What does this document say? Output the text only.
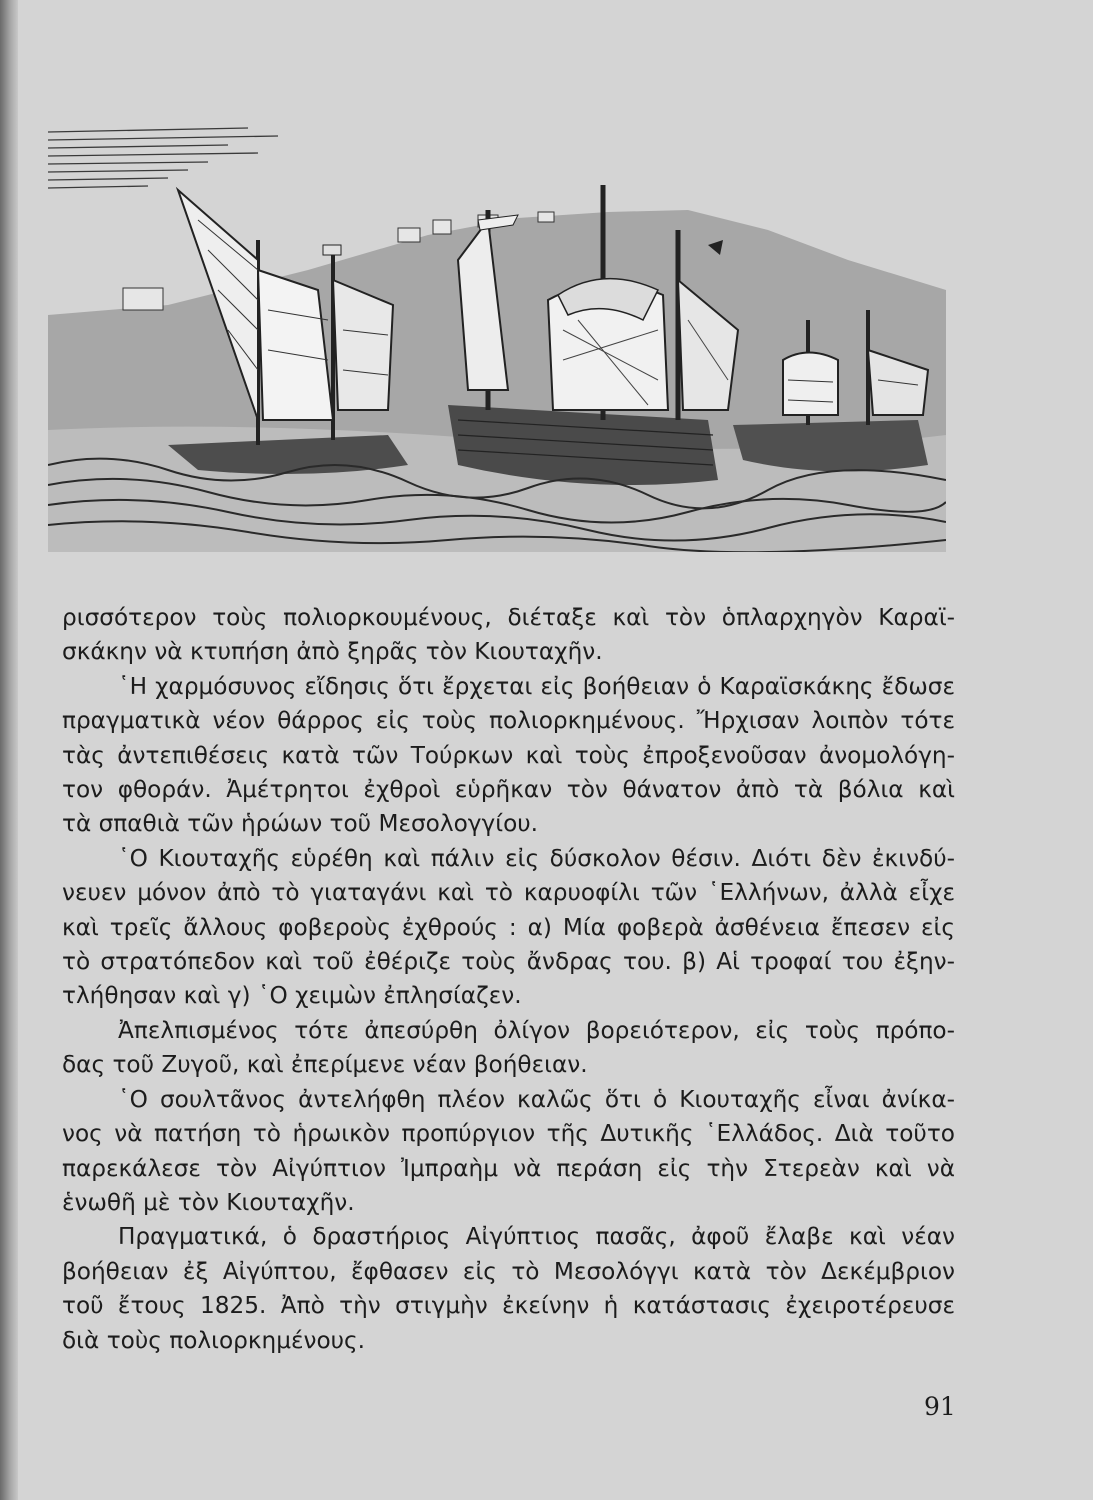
ρισσότερον τοὺς πολιορκουμένους, διέταξε καὶ τὸν ὁπλαρχηγὸν Καραϊ-
σκάκην νὰ κτυπήση ἀπὸ ξηρᾶς τὸν Κιουταχῆν.

῾Η χαρμόσυνος εἴδησις ὅτι ἔρχεται εἰς βοήθειαν ὁ Καραϊσκάκης ἔδωσε
πραγματικὰ νέον θάρρος εἰς τοὺς πολιορκημένους. Ἤρχισαν λοιπὸν τότε
τὰς ἀντεπιθέσεις κατὰ τῶν Τούρκων καὶ τοὺς ἐπροξενοῦσαν ἀνομολόγη-
τον φθοράν. Ἀμέτρητοι ἐχθροὶ εὑρῆκαν τὸν θάνατον ἀπὸ τὰ βόλια καὶ
τὰ σπαθιὰ τῶν ἡρώων τοῦ Μεσολογγίου.

῾Ο Κιουταχῆς εὑρέθη καὶ πάλιν εἰς δύσκολον θέσιν. Διότι δὲν ἐκινδύ-
νευεν μόνον ἀπὸ τὸ γιαταγάνι καὶ τὸ καρυοφίλι τῶν ῾Ελλήνων, ἀλλὰ εἶχε
καὶ τρεῖς ἄλλους φοβεροὺς ἐχθρούς : α) Μία φοβερὰ ἀσθένεια ἔπεσεν εἰς
τὸ στρατόπεδον καὶ τοῦ ἐθέριζε τοὺς ἄνδρας του. β) Αἱ τροφαί του ἐξην-
τλήθησαν καὶ γ) ῾Ο χειμὼν ἐπλησίαζεν.

Ἀπελπισμένος τότε ἀπεσύρθη ὀλίγον βορειότερον, εἰς τοὺς πρόπο-
δας τοῦ Ζυγοῦ, καὶ ἐπερίμενε νέαν βοήθειαν.

῾Ο σουλτᾶνος ἀντελήφθη πλέον καλῶς ὅτι ὁ Κιουταχῆς εἶναι ἀνίκα-
νος νὰ πατήση τὸ ἡρωικὸν προπύργιον τῆς Δυτικῆς ῾Ελλάδος. Διὰ τοῦτο
παρεκάλεσε τὸν Αἰγύπτιον Ἰμπραὴμ νὰ περάση εἰς τὴν Στερεὰν καὶ νὰ
ἑνωθῆ μὲ τὸν Κιουταχῆν.

Πραγματικά, ὁ δραστήριος Αἰγύπτιος πασᾶς, ἀφοῦ ἔλαβε καὶ νέαν
βοήθειαν ἐξ Αἰγύπτου, ἔφθασεν εἰς τὸ Μεσολόγγι κατὰ τὸν Δεκέμβριον
τοῦ ἔτους 1825. Ἀπὸ τὴν στιγμὴν ἐκείνην ἡ κατάστασις ἐχειροτέρευσε
διὰ τοὺς πολιορκημένους.

91
